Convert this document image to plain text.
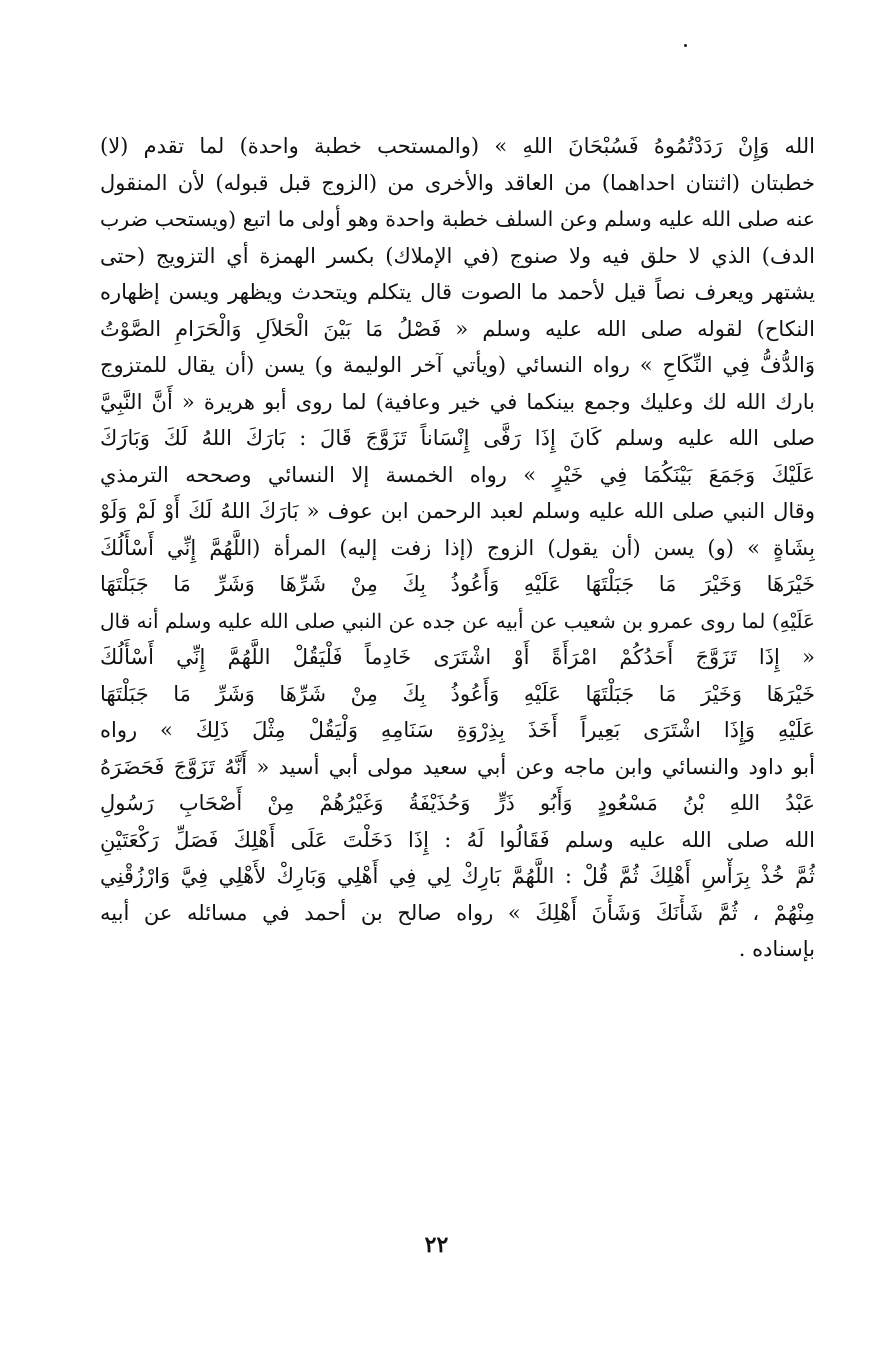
الله وَإِنْ رَدَدْتُمُوهُ فَسُبْحَانَ اللهِ » (والمستحب خطبة واحدة) لما تقدم (لا)
خطبتان (اثنتان احداهما) من العاقد والأخرى من (الزوج قبل قبوله) لأن المنقول
عنه صلى الله عليه وسلم وعن السلف خطبة واحدة وهو أولى ما اتبع (ويستحب ضرب
الدف) الذي لا حلق فيه ولا صنوج (في الإملاك) بكسر الهمزة أي التزويج (حتى
يشتهر ويعرف نصاً قيل لأحمد ما الصوت قال يتكلم ويتحدث ويظهر ويسن إظهاره
النكاح) لقوله صلى الله عليه وسلم « فَصْلُ مَا بَيْنَ الْحَلاَلِ وَالْحَرَامِ الصَّوْتُ
وَالدُّفُّ فِي النِّكَاحِ » رواه النسائي (ويأتي آخر الوليمة و) يسن (أن يقال للمتزوج
بارك الله لك وعليك وجمع بينكما في خير وعافية) لما روى أبو هريرة « أَنَّ النَّبِيَّ
صلى الله عليه وسلم كَانَ إِذَا رَفَّى إِنْسَاناً تَزَوَّجَ قَالَ : بَارَكَ اللهُ لَكَ وَبَارَكَ
عَلَيْكَ وَجَمَعَ بَيْنَكُمَا فِي خَيْرٍ » رواه الخمسة إلا النسائي وصححه الترمذي
وقال النبي صلى الله عليه وسلم لعبد الرحمن ابن عوف « بَارَكَ اللهُ لَكَ أَوْ لَمْ وَلَوْ
بِشَاةٍ » (و) يسن (أن يقول) الزوج (إذا زفت إليه) المرأة (اللَّهُمَّ إِنِّي أَسْأَلُكَ
خَيْرَهَا وَخَيْرَ مَا جَبَلْتَهَا عَلَيْهِ وَأَعُوذُ بِكَ مِنْ شَرِّهَا وَشَرِّ مَا جَبَلْتَهَا
عَلَيْهِ) لما روى عمرو بن شعيب عن أبيه عن جده عن النبي صلى الله عليه وسلم أنه قال
« إِذَا تَزَوَّجَ أَحَدُكُمْ امْرَأَةً أَوْ اشْتَرَى خَادِماً فَلْيَقُلْ اللَّهُمَّ إِنِّي أَسْأَلُكَ
خَيْرَهَا وَخَيْرَ مَا جَبَلْتَهَا عَلَيْهِ وَأَعُوذُ بِكَ مِنْ شَرِّهَا وَشَرِّ مَا جَبَلْتَهَا
عَلَيْهِ وَإِذَا اشْتَرَى بَعِيراً أَخَذَ بِذِرْوَةِ سَنَامِهِ وَلْيَقُلْ مِثْلَ ذَلِكَ » رواه
أبو داود والنسائي وابن ماجه وعن أبي سعيد مولى أبي أسيد « أَنَّهُ تَزَوَّجَ فَحَضَرَهُ
عَبْدُ اللهِ بْنُ مَسْعُودٍ وَأَبُو ذَرٍّ وَحُذَيْفَةُ وَغَيْرُهُمْ مِنْ أَصْحَابِ رَسُولِ
الله صلى الله عليه وسلم فَقَالُوا لَهُ : إِذَا دَخَلْتَ عَلَى أَهْلِكَ فَصَلِّ رَكْعَتَيْنِ
ثُمَّ خُذْ بِرَأْسِ أَهْلِكَ ثُمَّ قُلْ : اللَّهُمَّ بَارِكْ لِي فِي أَهْلِي وَبَارِكْ لأَهْلِي فِيَّ وَارْزُقْنِي
مِنْهُمْ ، ثُمَّ شَأْنَكَ وَشَأْنَ أَهْلِكَ » رواه صالح بن أحمد في مسائله عن أبيه
بإسناده .
٢٢
